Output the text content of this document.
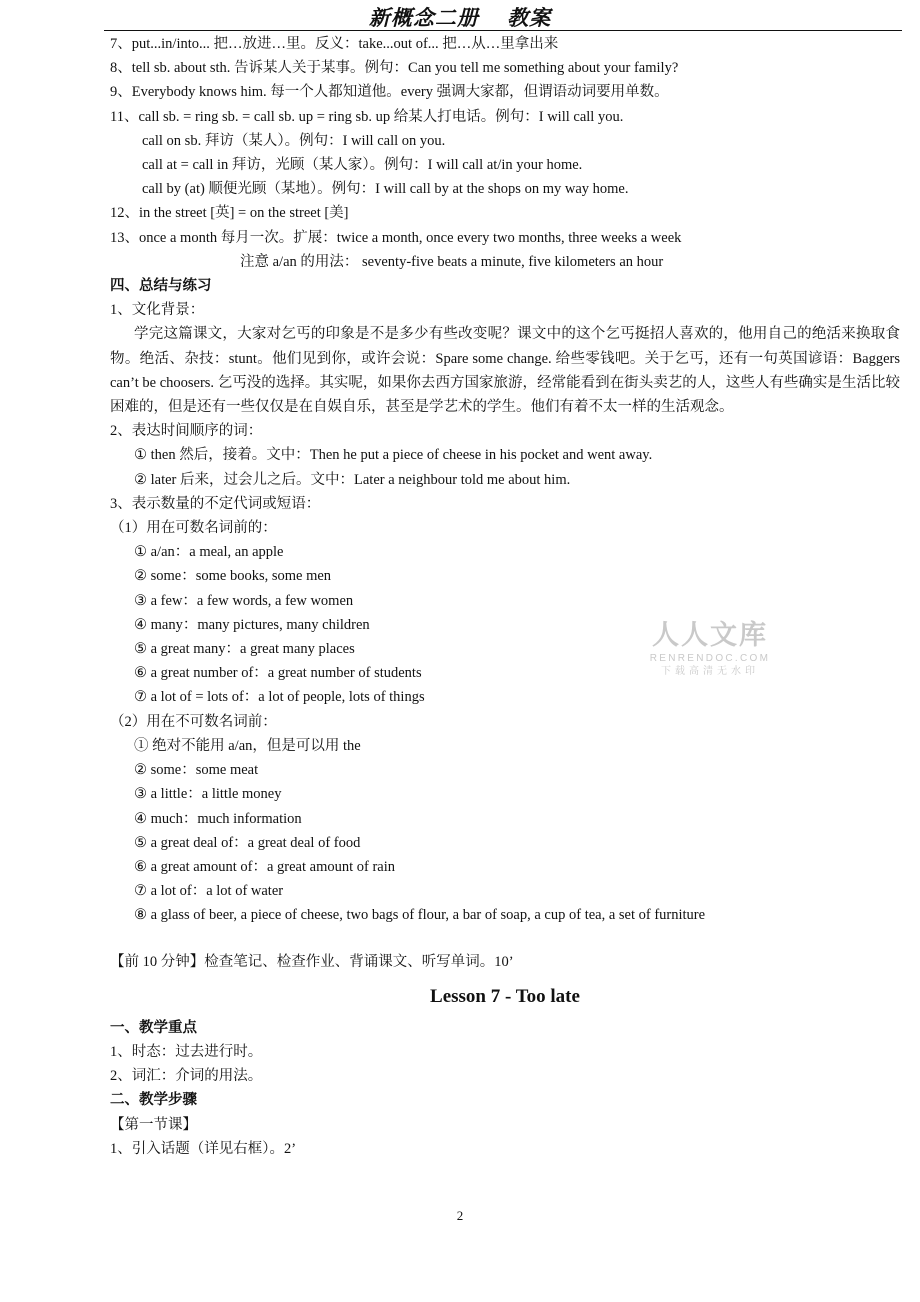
新概念二册　 教案
7、put...in/into... 把…放进…里。反义：take...out of... 把…从…里拿出来
8、tell sb. about sth. 告诉某人关于某事。例句：Can you tell me something about your family?
9、Everybody knows him. 每一个人都知道他。every 强调大家都，但谓语动词要用单数。
11、call sb. = ring sb. = call sb. up = ring sb. up 给某人打电话。例句：I will call you.
call on sb. 拜访（某人）。例句：I will call on you.
call at = call in 拜访，光顾（某人家）。例句：I will call at/in your home.
call by (at) 顺便光顾（某地）。例句：I will call by at the shops on my way home.
12、in the street [英] = on the street [美]
13、once a month 每月一次。扩展：twice a month, once every two months, three weeks a week
注意 a/an 的用法： seventy-five beats a minute, five kilometers an hour
四、总结与练习
1、文化背景：

学完这篇课文，大家对乞丐的印象是不是多少有些改变呢？课文中的这个乞丐挺招人喜欢的，他用自己的绝活来换取食物。绝活、杂技：stunt。他们见到你，或许会说：Spare some change. 给些零钱吧。关于乞丐，还有一句英国谚语：Baggers can’t be choosers. 乞丐没的选择。其实呢，如果你去西方国家旅游，经常能看到在街头卖艺的人，这些人有些确实是生活比较困难的，但是还有一些仅仅是在自娱自乐，甚至是学艺术的学生。他们有着不太一样的生活观念。

2、表达时间顺序的词：
① then 然后，接着。文中：Then he put a piece of cheese in his pocket and went away.
② later 后来，过会儿之后。文中：Later a neighbour told me about him.
3、表示数量的不定代词或短语：
（1）用在可数名词前的：
① a/an：a meal, an apple
② some：some books, some men
③ a few：a few words, a few women
④ many：many pictures, many children
⑤ a great many：a great many places
⑥ a great number of：a great number of students
⑦ a lot of = lots of：a lot of people, lots of things
（2）用在不可数名词前：
① 绝对不能用 a/an，但是可以用 the
② some：some meat
③ a little：a little money
④ much：much information
⑤ a great deal of：a great deal of food
⑥ a great amount of：a great amount of rain
⑦ a lot of：a lot of water
⑧ a glass of beer, a piece of cheese, two bags of flour, a bar of soap, a cup of tea, a set of furniture
【前 10 分钟】检查笔记、检查作业、背诵课文、听写单词。10’
Lesson 7 - Too late
一、教学重点
1、时态：过去进行时。
2、词汇：介词的用法。
二、教学步骤
【第一节课】
1、引入话题（详见右框）。2’
人人文库
RENRENDOC.COM
下载高清无水印
2
